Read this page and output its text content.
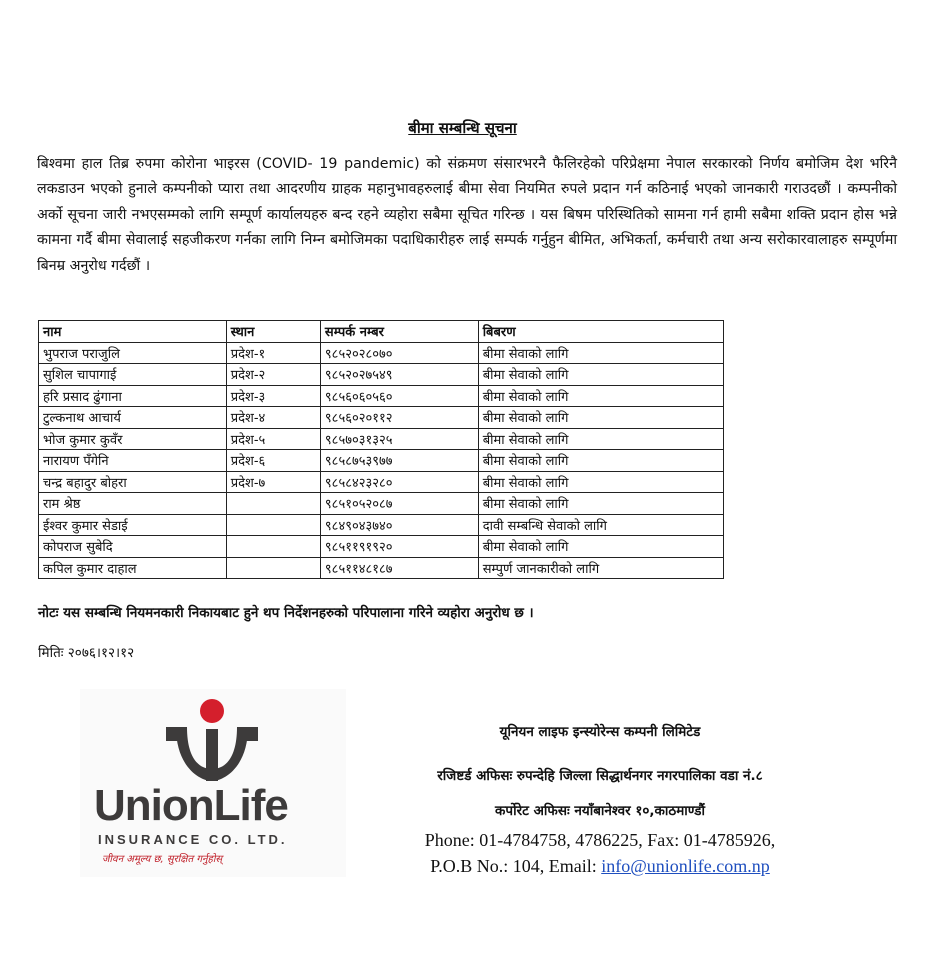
बीमा सम्बन्धि सूचना
बिश्वमा हाल तिब्र रुपमा कोरोना भाइरस (COVID- 19 pandemic) को संक्रमण संसारभरनै फैलिरहेको परिप्रेक्षमा नेपाल सरकारको निर्णय बमोजिम देश भरिनै लकडाउन भएको हुनाले कम्पनीको प्यारा तथा आदरणीय ग्राहक महानुभावहरुलाई बीमा सेवा नियमित रुपले प्रदान गर्न कठिनाई भएको जानकारी गराउदछौं । कम्पनीको अर्को सूचना जारी नभएसम्मको लागि सम्पूर्ण कार्यालयहरु बन्द रहने व्यहोरा सबैमा सूचित गरिन्छ । यस बिषम परिस्थितिको सामना गर्न हामी सबैमा शक्ति प्रदान होस भन्ने कामना गर्दै बीमा सेवालाई सहजीकरण गर्नका लागि निम्न बमोजिमका पदाधिकारीहरु लाई सम्पर्क गर्नुहुन बीमित, अभिकर्ता, कर्मचारी तथा अन्य सरोकारवालाहरु सम्पूर्णमा बिनम्र अनुरोध गर्दछौं ।
नाम	स्थान	सम्पर्क नम्बर	बिबरण
भुपराज पराजुलि	प्रदेश-१	९८५२०२८०७०	बीमा सेवाको लागि
सुशिल चापागाई	प्रदेश-२	९८५२०२७५४९	बीमा सेवाको लागि
हरि प्रसाद ढुंगाना	प्रदेश-३	९८५६०६०५६०	बीमा सेवाको लागि
टुल्कनाथ आचार्य	प्रदेश-४	९८५६०२०११२	बीमा सेवाको लागि
भोज कुमार कुवँर	प्रदेश-५	९८५७०३१३२५	बीमा सेवाको लागि
नारायण पँगेनि	प्रदेश-६	९८५८७५३९७७	बीमा सेवाको लागि
चन्द्र बहादुर बोहरा	प्रदेश-७	९८५८४२३२८०	बीमा सेवाको लागि
राम श्रेष्ठ		९८५१०५२०८७	बीमा सेवाको लागि
ईश्वर कुमार सेडाई		९८४९०४३७४०	दावी सम्बन्धि सेवाको लागि
कोपराज सुबेदि		९८५११९१९२०	बीमा सेवाको लागि
कपिल कुमार दाहाल		९८५११४८१८७	सम्पुर्ण जानकारीको लागि
नोटः यस सम्बन्धि नियमनकारी निकायबाट हुने थप निर्देशनहरुको परिपालाना गरिने व्यहोरा अनुरोध छ ।
मितिः २०७६।१२।१२
UnionLife
INSURANCE CO. LTD.
जीवन अमूल्य छ, सुरक्षित गर्नुहोस्
यूनियन लाइफ इन्स्योरेन्स कम्पनी लिमिटेड
रजिष्टर्ड अफिसः रुपन्देहि जिल्ला सिद्धार्थनगर नगरपालिका वडा नं.८
कर्पोरेट अफिसः नयाँबानेश्वर १०,काठमाण्डौं
Phone: 01-4784758, 4786225, Fax: 01-4785926,
P.O.B No.: 104, Email: info@unionlife.com.np
